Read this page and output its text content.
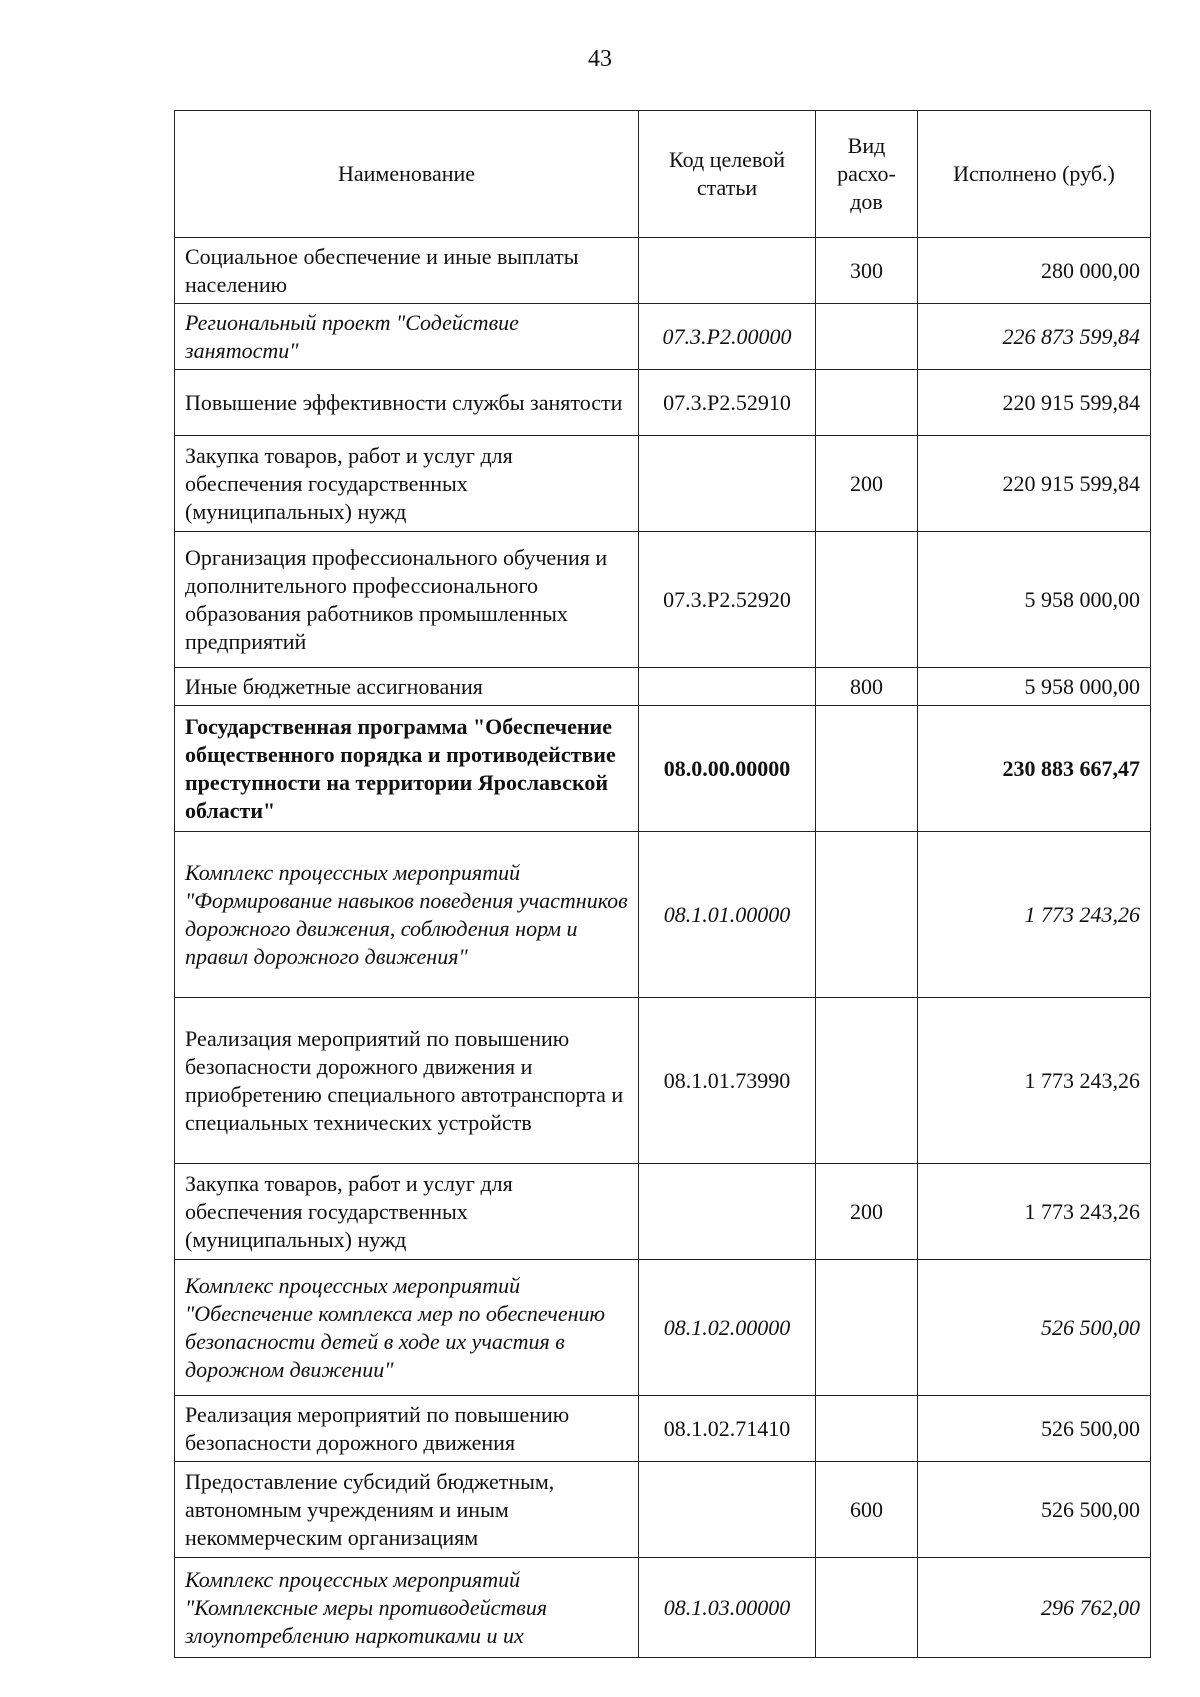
43
Наименование	Код целевой статьи	Вид расхо-дов	Исполнено (руб.)
Социальное обеспечение и иные выплаты населению		300	280 000,00
Региональный проект "Содействие занятости"	07.3.P2.00000		226 873 599,84
Повышение эффективности службы занятости	07.3.P2.52910		220 915 599,84
Закупка товаров, работ и услуг для обеспечения государственных (муниципальных) нужд		200	220 915 599,84
Организация профессионального обучения и дополнительного профессионального образования работников промышленных предприятий	07.3.P2.52920		5 958 000,00
Иные бюджетные ассигнования		800	5 958 000,00
Государственная программа "Обеспечение общественного порядка и противодействие преступности на территории Ярославской области"	08.0.00.00000		230 883 667,47
Комплекс процессных мероприятий "Формирование навыков поведения участников дорожного движения, соблюдения норм и правил дорожного движения"	08.1.01.00000		1 773 243,26
Реализация мероприятий по повышению безопасности дорожного движения и приобретению специального автотранспорта и специальных технических устройств	08.1.01.73990		1 773 243,26
Закупка товаров, работ и услуг для обеспечения государственных (муниципальных) нужд		200	1 773 243,26
Комплекс процессных мероприятий "Обеспечение комплекса мер по обеспечению безопасности детей в ходе их участия в дорожном движении"	08.1.02.00000		526 500,00
Реализация мероприятий по повышению безопасности дорожного движения	08.1.02.71410		526 500,00
Предоставление субсидий бюджетным, автономным учреждениям и иным некоммерческим организациям		600	526 500,00
Комплекс процессных мероприятий "Комплексные меры противодействия злоупотреблению наркотиками и их	08.1.03.00000		296 762,00
